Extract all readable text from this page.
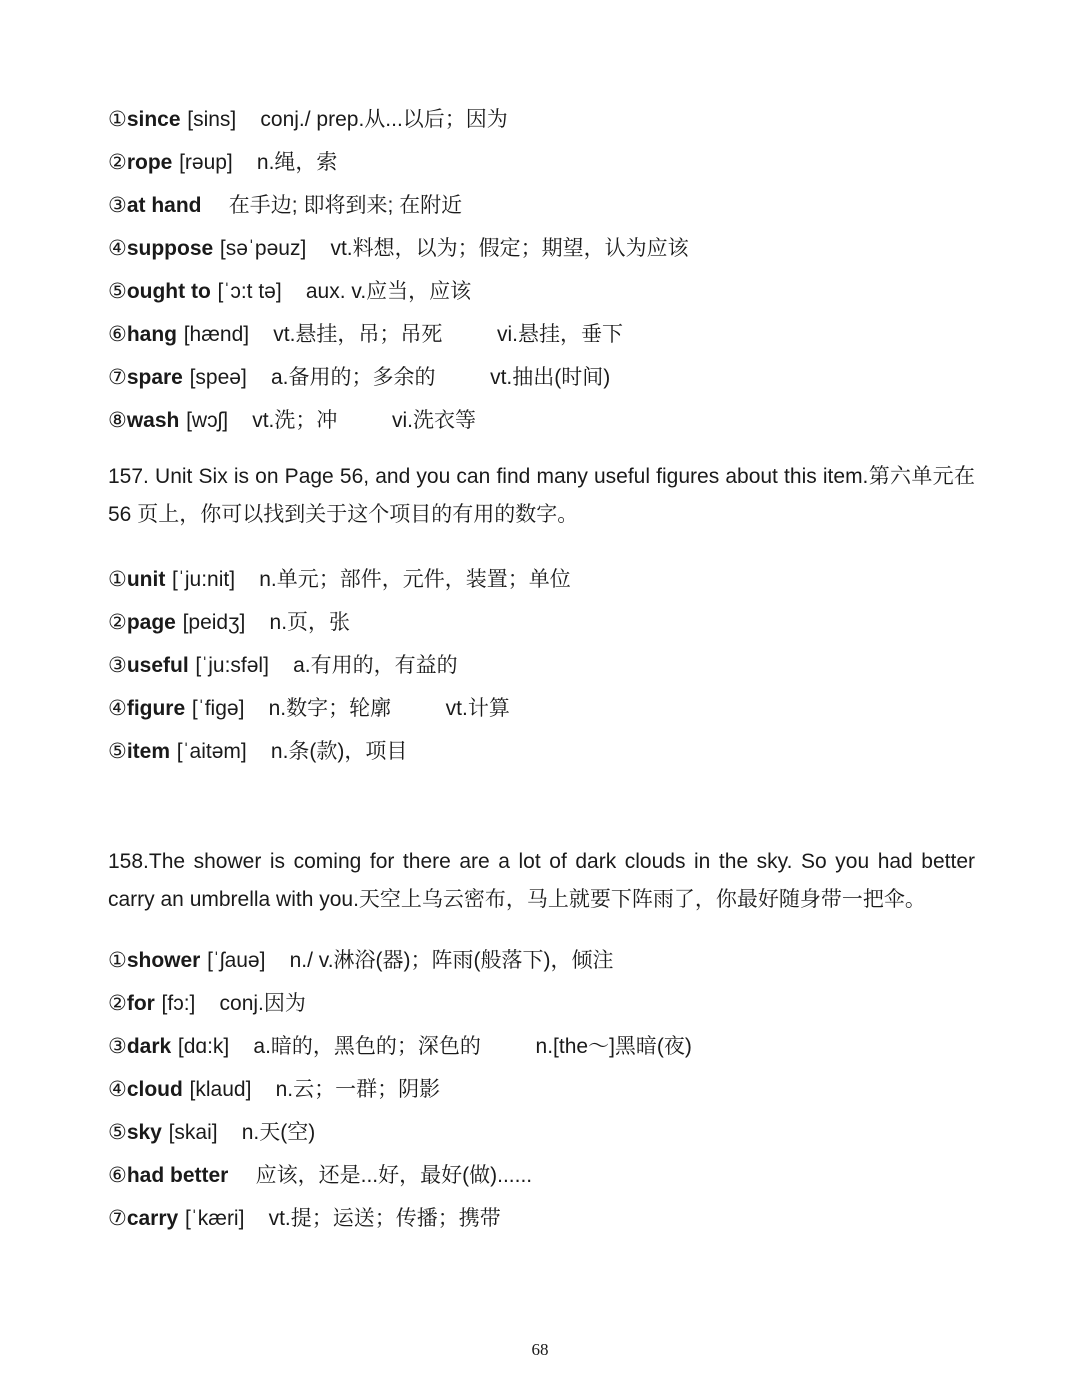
①since [sins] conj./ prep.从...以后；因为
②rope [rəup] n.绳，索
③at hand 在手边; 即将到来; 在附近
④suppose [səˈpəuz] vt.料想，以为；假定；期望，认为应该
⑤ought to [ˈɔ:t tə] aux. v.应当，应该
⑥hang [hænd] vt.悬挂，吊；吊死	vi.悬挂，垂下
⑦spare [speə] a.备用的；多余的	vt.抽出(时间)
⑧wash [wɔʃ] vt.洗；冲	vi.洗衣等

157. Unit Six is on Page 56, and you can find many useful figures about this item.第六单元在 56 页上，你可以找到关于这个项目的有用的数字。

①unit [ˈju:nit] n.单元；部件，元件，装置；单位
②page [peidʒ] n.页，张
③useful [ˈju:sfəl] a.有用的，有益的
④figure [ˈfigə] n.数字；轮廓	vt.计算
⑤item [ˈaitəm] n.条(款)，项目

158.The shower is coming for there are a lot of dark clouds in the sky. So you had better carry an umbrella with you.天空上乌云密布，马上就要下阵雨了，你最好随身带一把伞。

①shower [ˈʃauə] n./ v.淋浴(器)；阵雨(般落下)，倾注
②for [fɔ:] conj.因为
③dark [dɑ:k] a.暗的，黑色的；深色的	n.[the～]黑暗(夜)
④cloud [klaud] n.云；一群；阴影
⑤sky [skai] n.天(空)
⑥had better 应该，还是...好，最好(做)......
⑦carry [ˈkæri] vt.提；运送；传播；携带
68
